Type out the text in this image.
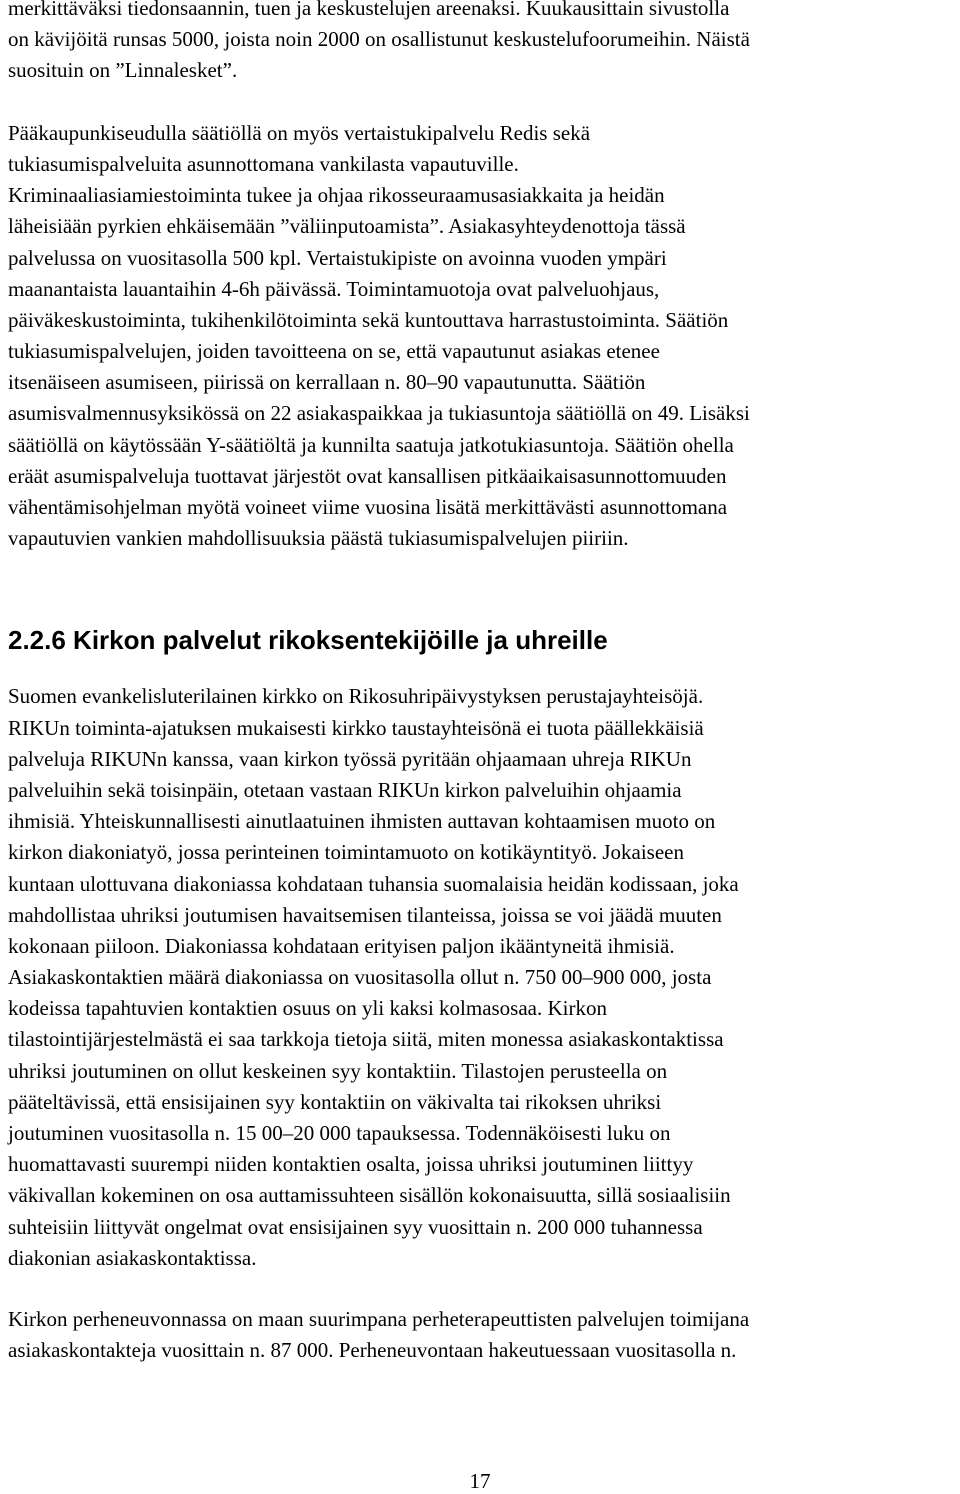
merkittäväksi tiedonsaannin, tuen ja keskustelujen areenaksi. Kuukausittain sivustolla
on kävijöitä runsas 5000, joista noin 2000 on osallistunut keskustelufoorumeihin. Näistä
suosituin on ”Linnalesket”.
Pääkaupunkiseudulla säätiöllä on myös vertaistukipalvelu Redis sekä
tukiasumispalveluita asunnottomana vankilasta vapautuville.
Kriminaaliasiamiestoiminta tukee ja ohjaa rikosseuraamusasiakkaita ja heidän
läheisiään pyrkien ehkäisemään ”väliinputoamista”. Asiakasyhteydenottoja tässä
palvelussa on vuositasolla 500 kpl. Vertaistukipiste on avoinna vuoden ympäri
maanantaista lauantaihin 4-6h päivässä. Toimintamuotoja ovat palveluohjaus,
päiväkeskustoiminta, tukihenkilötoiminta sekä kuntouttava harrastustoiminta. Säätiön
tukiasumispalvelujen, joiden tavoitteena on se, että vapautunut asiakas etenee
itsenäiseen asumiseen, piirissä on kerrallaan n. 80–90 vapautunutta. Säätiön
asumisvalmennusyksikössä on 22 asiakaspaikkaa ja tukiasuntoja säätiöllä on 49. Lisäksi
säätiöllä on käytössään Y-säätiöltä ja kunnilta saatuja jatkotukiasuntoja. Säätiön ohella
eräät asumispalveluja tuottavat järjestöt ovat kansallisen pitkäaikaisasunnottomuuden
vähentämisohjelman myötä voineet viime vuosina lisätä merkittävästi asunnottomana
vapautuvien vankien mahdollisuuksia päästä tukiasumispalvelujen piiriin.
2.2.6 Kirkon palvelut rikoksentekijöille ja uhreille
Suomen evankelisluterilainen kirkko on Rikosuhripäivystyksen perustajayhteisöjä.
RIKUn toiminta-ajatuksen mukaisesti kirkko taustayhteisönä ei tuota päällekkäisiä
palveluja RIKUNn kanssa, vaan kirkon työssä pyritään ohjaamaan uhreja RIKUn
palveluihin sekä toisinpäin, otetaan vastaan RIKUn kirkon palveluihin ohjaamia
ihmisiä. Yhteiskunnallisesti ainutlaatuinen ihmisten auttavan kohtaamisen muoto on
kirkon diakoniatyö, jossa perinteinen toimintamuoto on kotikäyntityö. Jokaiseen
kuntaan ulottuvana diakoniassa kohdataan tuhansia suomalaisia heidän kodissaan, joka
mahdollistaa uhriksi joutumisen havaitsemisen tilanteissa, joissa se voi jäädä muuten
kokonaan piiloon. Diakoniassa kohdataan erityisen paljon ikääntyneitä ihmisiä.
Asiakaskontaktien määrä diakoniassa on vuositasolla ollut n. 750 00–900 000, josta
kodeissa tapahtuvien kontaktien osuus on yli kaksi kolmasosaa. Kirkon
tilastointijärjestelmästä ei saa tarkkoja tietoja siitä, miten monessa asiakaskontaktissa
uhriksi joutuminen on ollut keskeinen syy kontaktiin. Tilastojen perusteella on
pääteltävissä, että ensisijainen syy kontaktiin on väkivalta tai rikoksen uhriksi
joutuminen vuositasolla n. 15 00–20 000 tapauksessa. Todennäköisesti luku on
huomattavasti suurempi niiden kontaktien osalta, joissa uhriksi joutuminen liittyy
väkivallan kokeminen on osa auttamissuhteen sisällön kokonaisuutta, sillä sosiaalisiin
suhteisiin liittyvät ongelmat ovat ensisijainen syy vuosittain n. 200 000 tuhannessa
diakonian asiakaskontaktissa.
Kirkon perheneuvonnassa on maan suurimpana perheterapeuttisten palvelujen toimijana
asiakaskontakteja vuosittain n. 87 000. Perheneuvontaan hakeutuessaan vuositasolla n.
17
